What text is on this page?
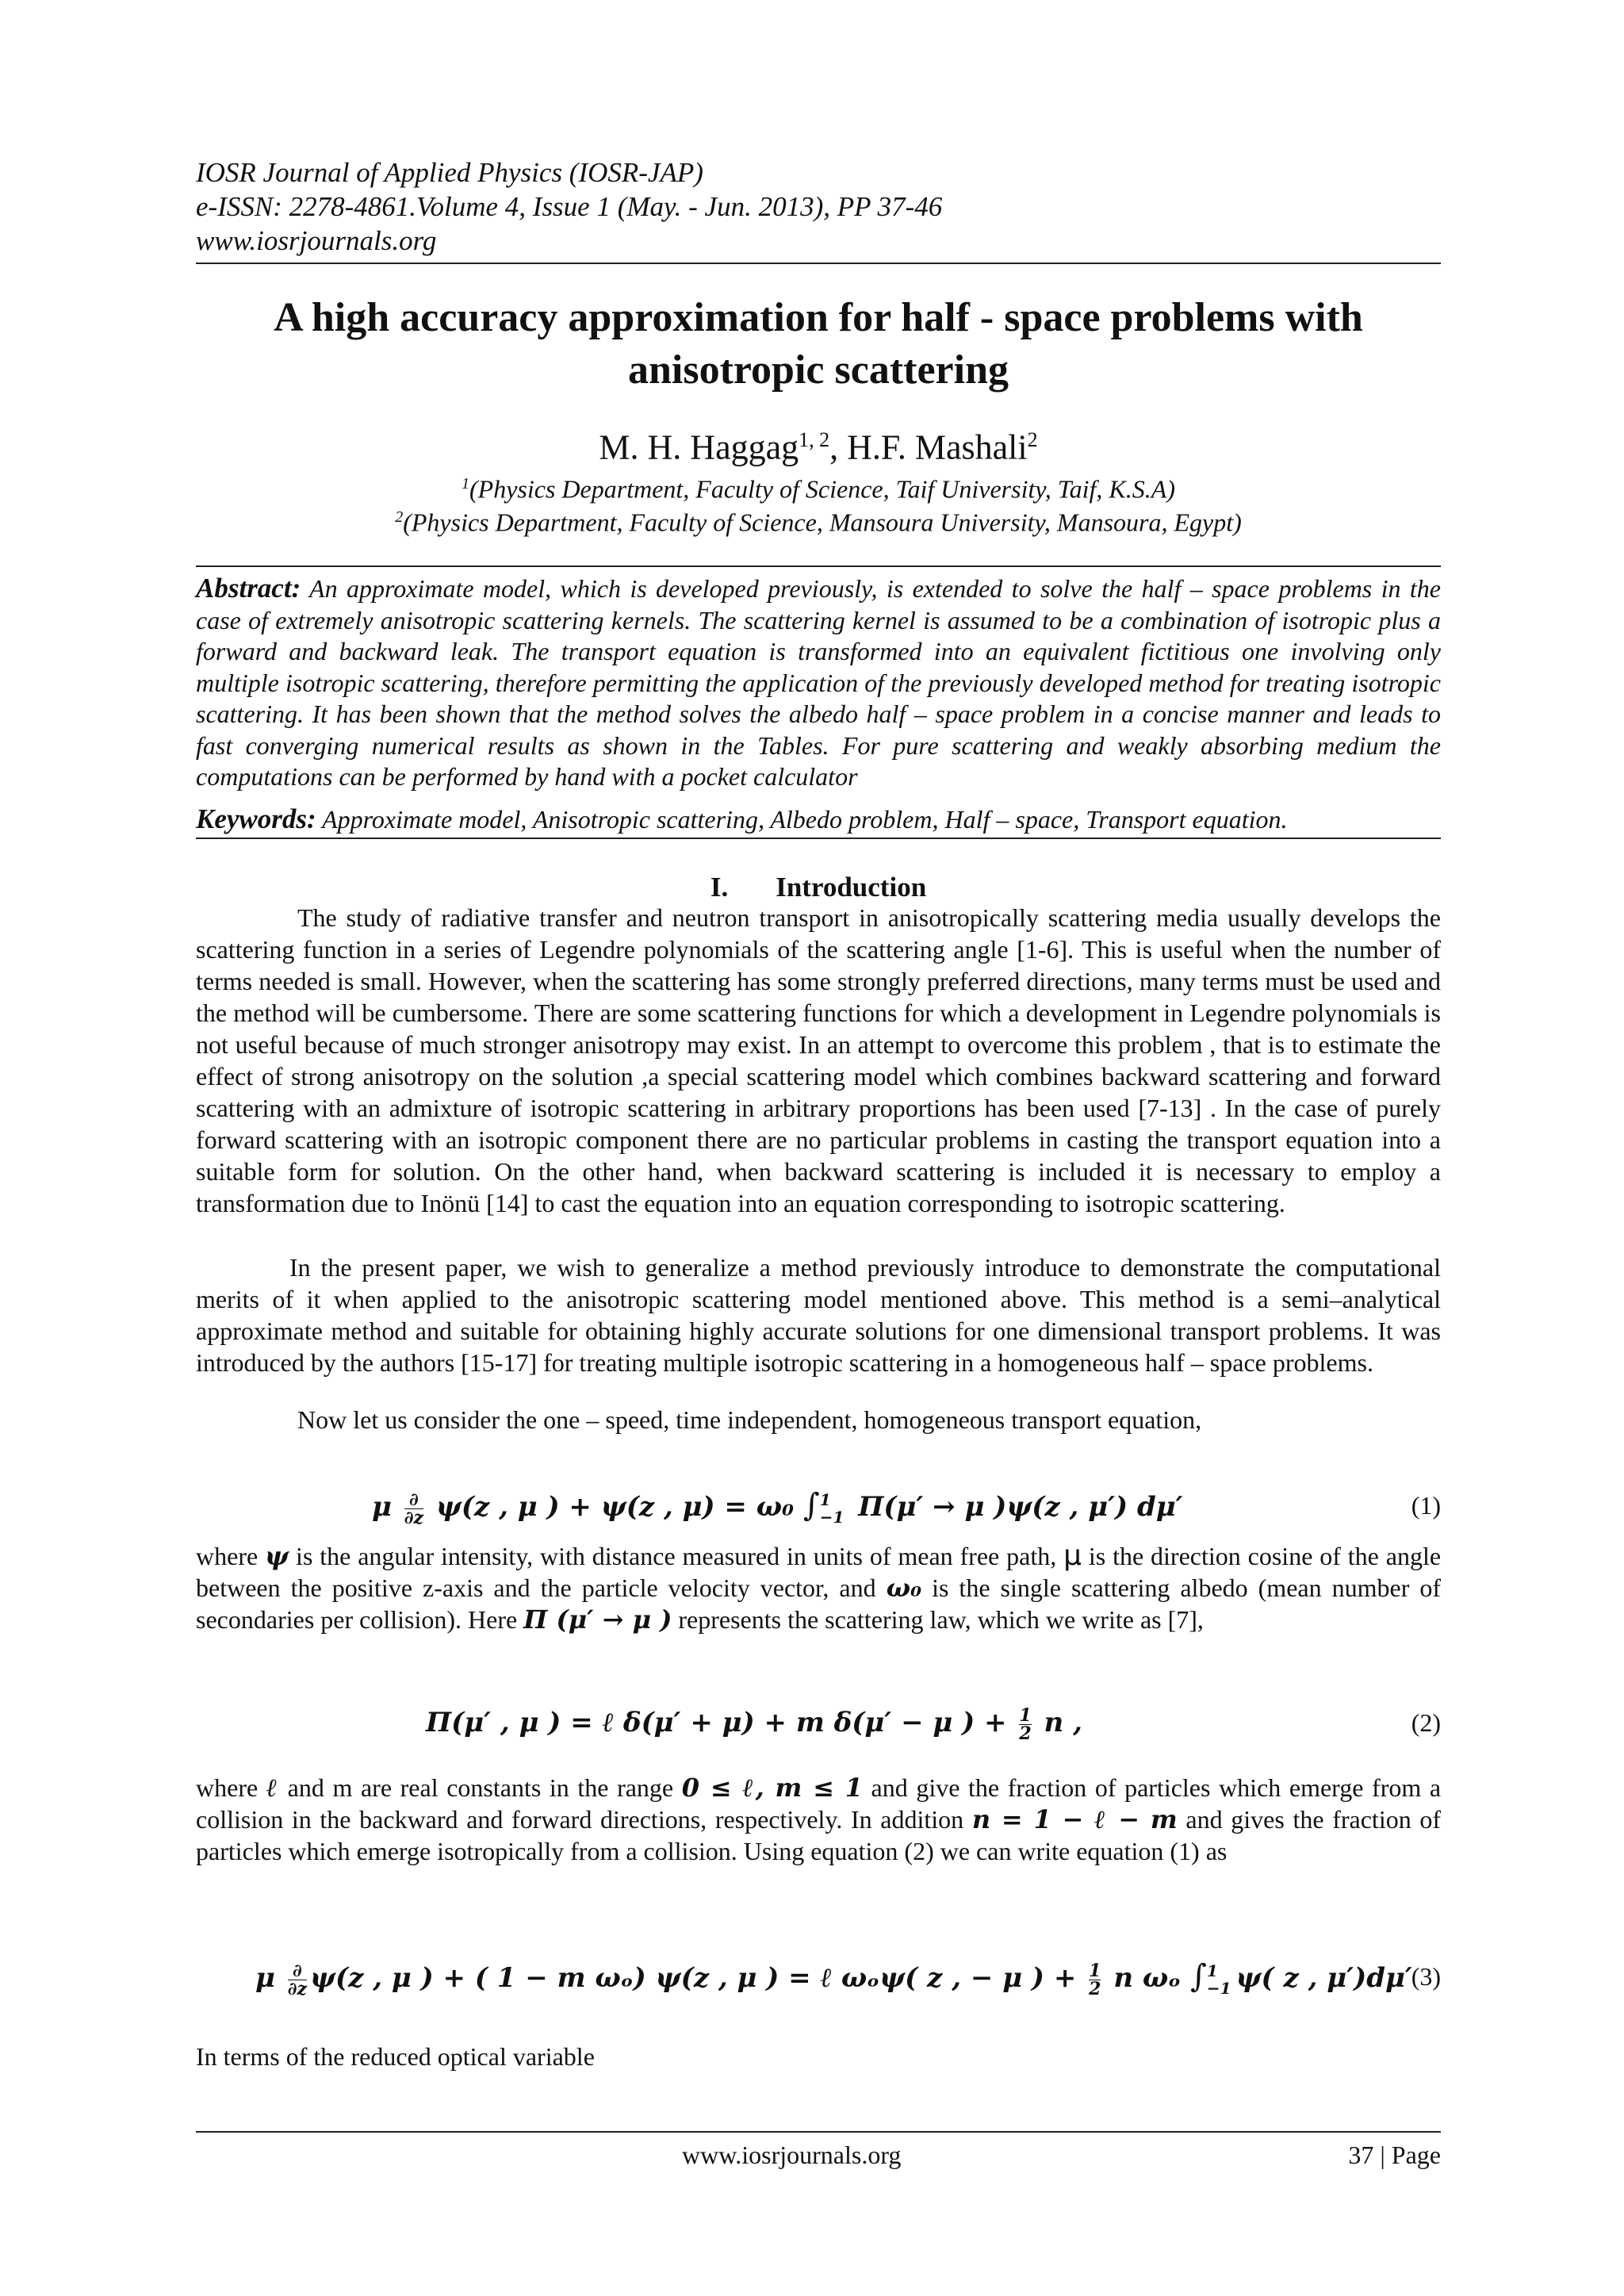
IOSR Journal of Applied Physics (IOSR-JAP)
e-ISSN: 2278-4861.Volume 4, Issue 1 (May. - Jun. 2013), PP 37-46
www.iosrjournals.org
A high accuracy approximation for half - space problems with anisotropic scattering
M. H. Haggag$^{1, 2}$, H.F. Mashali$^2$
$^1$(Physics Department, Faculty of Science, Taif University, Taif, K.S.A)
$^2$(Physics Department, Faculty of Science, Mansoura University, Mansoura, Egypt)
Abstract: An approximate model, which is developed previously, is extended to solve the half – space problems in the case of extremely anisotropic scattering kernels. The scattering kernel is assumed to be a combination of isotropic plus a forward and backward leak. The transport equation is transformed into an equivalent fictitious one involving only multiple isotropic scattering, therefore permitting the application of the previously developed method for treating isotropic scattering. It has been shown that the method solves the albedo half – space problem in a concise manner and leads to fast converging numerical results as shown in the Tables. For pure scattering and weakly absorbing medium the computations can be performed by hand with a pocket calculator
Keywords: Approximate model, Anisotropic scattering, Albedo problem, Half – space, Transport equation.
I. Introduction
The study of radiative transfer and neutron transport in anisotropically scattering media usually develops the scattering function in a series of Legendre polynomials of the scattering angle [1-6]. This is useful when the number of terms needed is small. However, when the scattering has some strongly preferred directions, many terms must be used and the method will be cumbersome. There are some scattering functions for which a development in Legendre polynomials is not useful because of much stronger anisotropy may exist. In an attempt to overcome this problem , that is to estimate the effect of strong anisotropy on the solution ,a special scattering model which combines backward scattering and forward scattering with an admixture of isotropic scattering in arbitrary proportions has been used [7-13] . In the case of purely forward scattering with an isotropic component there are no particular problems in casting the transport equation into a suitable form for solution. On the other hand, when backward scattering is included it is necessary to employ a transformation due to Inönü [14] to cast the equation into an equation corresponding to isotropic scattering.
In the present paper, we wish to generalize a method previously introduce to demonstrate the computational merits of it when applied to the anisotropic scattering model mentioned above. This method is a semi–analytical approximate method and suitable for obtaining highly accurate solutions for one dimensional transport problems. It was introduced by the authors [15-17] for treating multiple isotropic scattering in a homogeneous half – space problems.
Now let us consider the one – speed, time independent, homogeneous transport equation,
μ $\frac{\partial}{\partial z} \psi(z$ , μ ) + ψ(z , μ) = ω₀ ∫ 1
−1 Π(μ′ → μ )ψ(z , μ′) dμ′	(1)
where ψ is the angular intensity, with distance measured in units of mean free path, μ is the direction cosine of the angle between the positive z-axis and the particle velocity vector, and ω₀ is the single scattering albedo (mean number of secondaries per collision). Here Π (μ′ → μ ) represents the scattering law, which we write as [7],
Π(μ′ , μ ) = ℓ δ(μ′ + μ) + m δ(μ′ − μ ) + $\frac{1}{2}$ n ,	(2)
where ℓ and m are real constants in the range 0 ≤ ℓ, m ≤ 1 and give the fraction of particles which emerge from a collision in the backward and forward directions, respectively. In addition n = 1 − ℓ − m and gives the fraction of particles which emerge isotropically from a collision. Using equation (2) we can write equation (1) as
μ $\frac{\partial}{\partial z} \psi(z$ , μ ) + ( 1 − m ωₒ) ψ(z , μ ) = ℓ ωₒψ( z , − μ ) + $\frac{1}{2}$ n ωₒ ∫ 1
−1 ψ( z , μ′)dμ′
(3)
In terms of the reduced optical variable
www.iosrjournals.org	37 | Page
